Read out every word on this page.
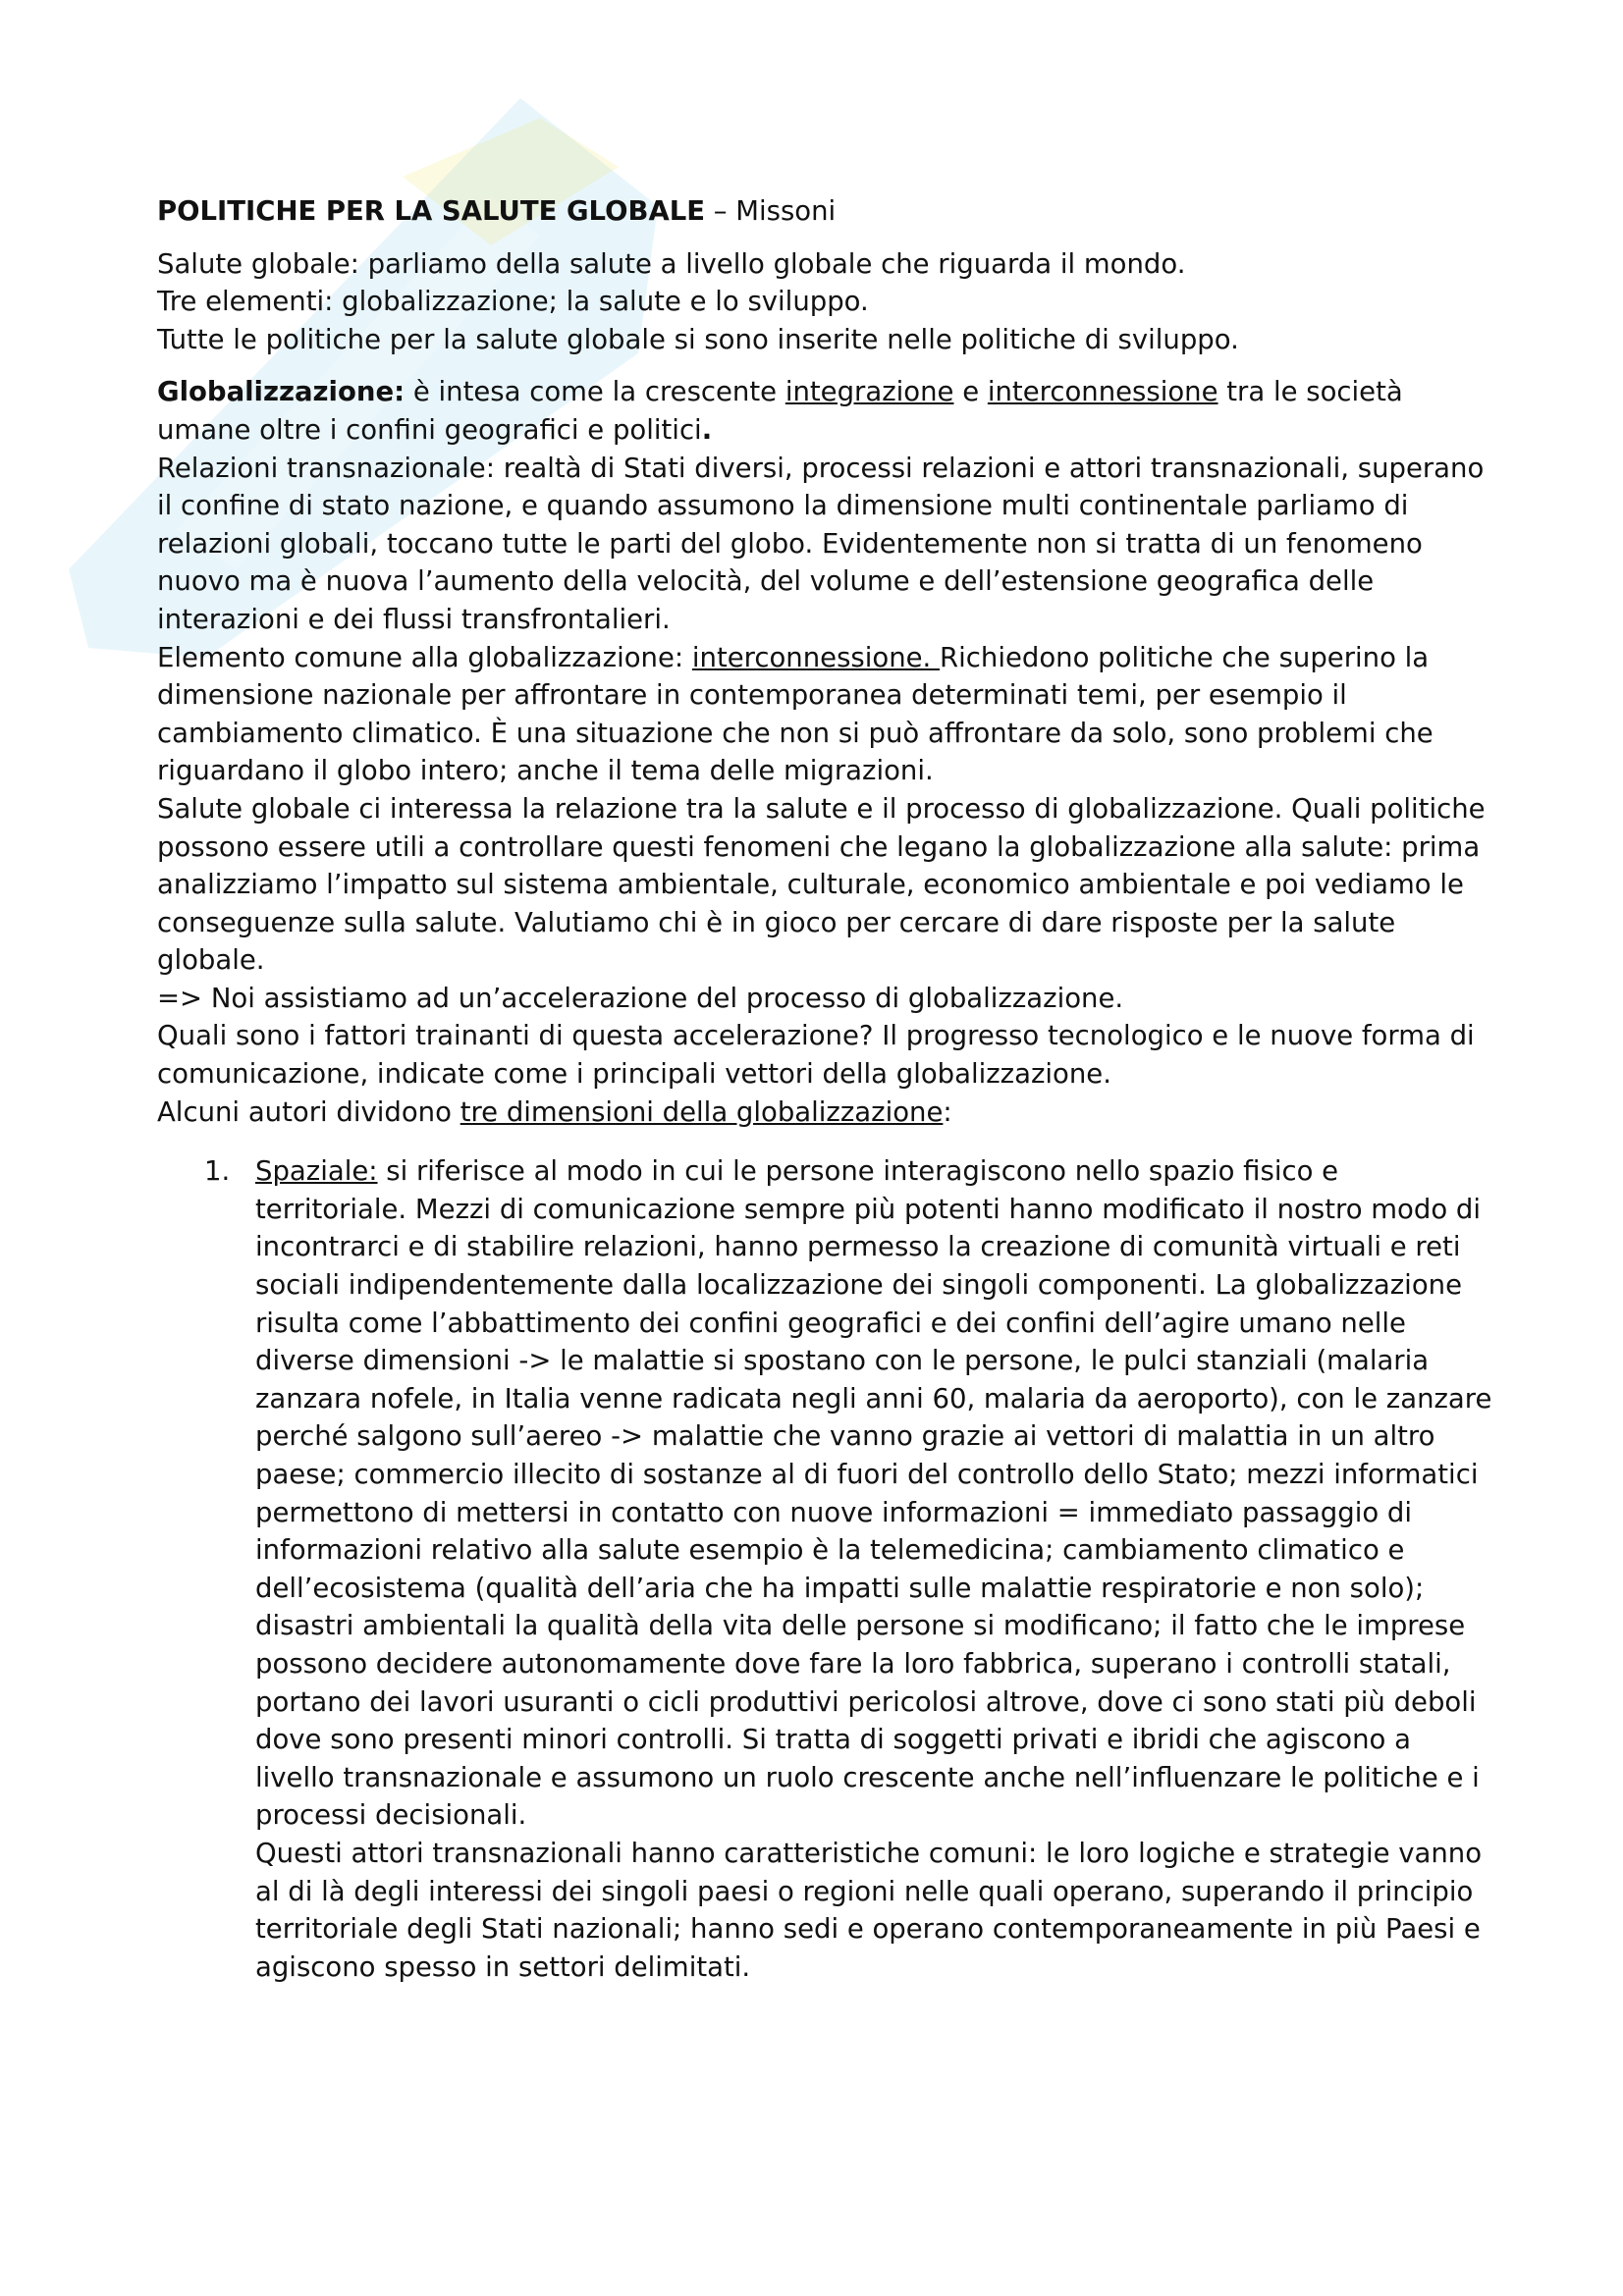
POLITICHE PER LA SALUTE GLOBALE – Missoni

Salute globale: parliamo della salute a livello globale che riguarda il mondo.

Tre elementi: globalizzazione; la salute e lo sviluppo.

Tutte le politiche per la salute globale si sono inserite nelle politiche di sviluppo.

Globalizzazione: è intesa come la crescente integrazione e interconnessione tra le società umane oltre i confini geografici e politici.

Relazioni transnazionale: realtà di Stati diversi, processi relazioni e attori transnazionali, superano il confine di stato nazione, e quando assumono la dimensione multi continentale parliamo di relazioni globali, toccano tutte le parti del globo. Evidentemente non si tratta di un fenomeno nuovo ma è nuova l’aumento della velocità, del volume e dell’estensione geografica delle interazioni e dei flussi transfrontalieri.

Elemento comune alla globalizzazione: interconnessione. Richiedono politiche che superino la dimensione nazionale per affrontare in contemporanea determinati temi, per esempio il cambiamento climatico. È una situazione che non si può affrontare da solo, sono problemi che riguardano il globo intero; anche il tema delle migrazioni.

Salute globale ci interessa la relazione tra la salute e il processo di globalizzazione. Quali politiche possono essere utili a controllare questi fenomeni che legano la globalizzazione alla salute: prima analizziamo l’impatto sul sistema ambientale, culturale, economico ambientale e poi vediamo le conseguenze sulla salute. Valutiamo chi è in gioco per cercare di dare risposte per la salute globale.

=> Noi assistiamo ad un’accelerazione del processo di globalizzazione.

Quali sono i fattori trainanti di questa accelerazione? Il progresso tecnologico e le nuove forma di comunicazione, indicate come i principali vettori della globalizzazione.

Alcuni autori dividono tre dimensioni della globalizzazione:

1. Spaziale: si riferisce al modo in cui le persone interagiscono nello spazio fisico e territoriale. Mezzi di comunicazione sempre più potenti hanno modificato il nostro modo di incontrarci e di stabilire relazioni, hanno permesso la creazione di comunità virtuali e reti sociali indipendentemente dalla localizzazione dei singoli componenti. La globalizzazione risulta come l’abbattimento dei confini geografici e dei confini dell’agire umano nelle diverse dimensioni -> le malattie si spostano con le persone, le pulci stanziali (malaria zanzara nofele, in Italia venne radicata negli anni 60, malaria da aeroporto), con le zanzare perché salgono sull’aereo -> malattie che vanno grazie ai vettori di malattia in un altro paese; commercio illecito di sostanze al di fuori del controllo dello Stato; mezzi informatici permettono di mettersi in contatto con nuove informazioni = immediato passaggio di informazioni relativo alla salute esempio è la telemedicina; cambiamento climatico e dell’ecosistema (qualità dell’aria che ha impatti sulle malattie respiratorie e non solo); disastri ambientali la qualità della vita delle persone si modificano; il fatto che le imprese possono decidere autonomamente dove fare la loro fabbrica, superano i controlli statali, portano dei lavori usuranti o cicli produttivi pericolosi altrove, dove ci sono stati più deboli dove sono presenti minori controlli. Si tratta di soggetti privati e ibridi che agiscono a livello transnazionale e assumono un ruolo crescente anche nell’influenzare le politiche e i processi decisionali.

Questi attori transnazionali hanno caratteristiche comuni: le loro logiche e strategie vanno al di là degli interessi dei singoli paesi o regioni nelle quali operano, superando il principio territoriale degli Stati nazionali; hanno sedi e operano contemporaneamente in più Paesi e agiscono spesso in settori delimitati.
